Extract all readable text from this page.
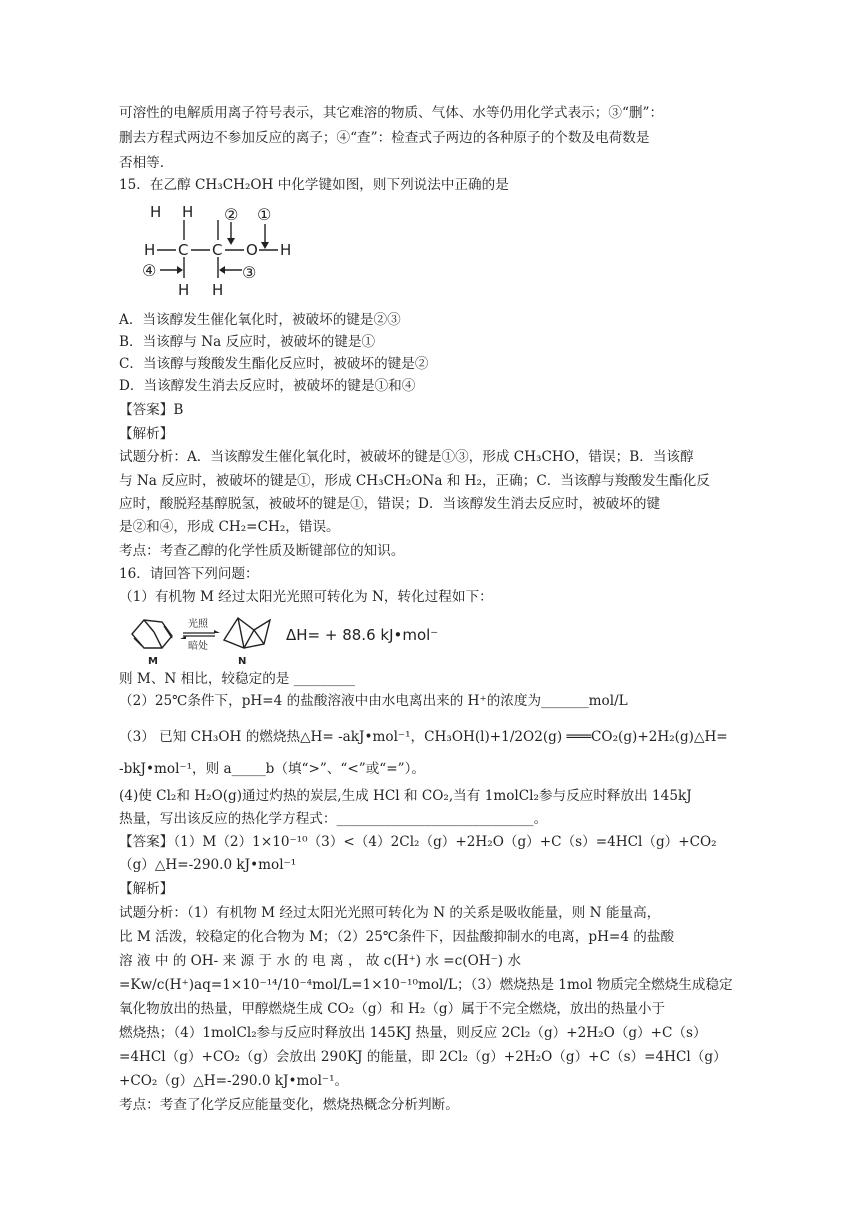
可溶性的电解质用离子符号表示，其它难溶的物质、气体、水等仍用化学式表示；③“删”：
删去方程式两边不参加反应的离子；④“查”：检查式子两边的各种原子的个数及电荷数是
否相等.
15．在乙醇 CH₃CH₂OH 中化学键如图，则下列说法中正确的是
H H
H C C O H
H H
② ①
④	③
A．当该醇发生催化氧化时，被破坏的键是②③
B．当该醇与 Na 反应时，被破坏的键是①
C．当该醇与羧酸发生酯化反应时，被破坏的键是②
D．当该醇发生消去反应时，被破坏的键是①和④
【答案】B
【解析】
试题分析：A．当该醇发生催化氧化时，被破坏的键是①③，形成 CH₃CHO，错误；B．当该醇
与 Na 反应时，被破坏的键是①，形成 CH₃CH₂ONa 和 H₂，正确；C．当该醇与羧酸发生酯化反
应时，酸脱羟基醇脱氢，被破坏的键是①，错误；D．当该醇发生消去反应时，被破坏的键
是②和④，形成 CH₂=CH₂，错误。
考点：考查乙醇的化学性质及断键部位的知识。
16．请回答下列问题：
（1）有机物 M 经过太阳光光照可转化为 N，转化过程如下：
M
光照
暗处
N
ΔH= + 88.6 kJ•mol⁻¹
则 M、N 相比，较稳定的是 _________
（2）25℃条件下，pH=4 的盐酸溶液中由水电离出来的 H⁺的浓度为_______mol/L
（3） 已知 CH₃OH 的燃烧热△H= -akJ•mol⁻¹，CH₃OH(l)+1/2O2(g) ═══CO₂(g)+2H₂(g)△H=
-bkJ•mol⁻¹，则 a_____b（填“>”、“<”或“=”）。
(4)使 Cl₂和 H₂O(g)通过灼热的炭层,生成 HCl 和 CO₂,当有 1molCl₂参与反应时释放出 145kJ
热量，写出该反应的热化学方程式：_____________________________。
【答案】（1）M（2）1×10⁻¹⁰（3）<（4）2Cl₂（g）+2H₂O（g）+C（s）=4HCl（g）+CO₂
（g）△H=-290.0 kJ•mol⁻¹
【解析】
试题分析：（1）有机物 M 经过太阳光光照可转化为 N 的关系是吸收能量，则 N 能量高，
比 M 活泼，较稳定的化合物为 M；（2）25℃条件下，因盐酸抑制水的电离，pH=4 的盐酸
溶 液 中 的 OH- 来 源 于 水 的 电 离 ， 故 c(H⁺) 水 =c(OH⁻) 水
=Kw/c(H⁺)aq=1×10⁻¹⁴/10⁻⁴mol/L=1×10⁻¹⁰mol/L；（3）燃烧热是 1mol 物质完全燃烧生成稳定
氧化物放出的热量，甲醇燃烧生成 CO₂（g）和 H₂（g）属于不完全燃烧，放出的热量小于
燃烧热；（4）1molCl₂参与反应时释放出 145KJ 热量，则反应 2Cl₂（g）+2H₂O（g）+C（s）
=4HCl（g）+CO₂（g）会放出 290KJ 的能量，即 2Cl₂（g）+2H₂O（g）+C（s）=4HCl（g）
+CO₂（g）△H=-290.0 kJ•mol⁻¹。
考点：考查了化学反应能量变化，燃烧热概念分析判断。
